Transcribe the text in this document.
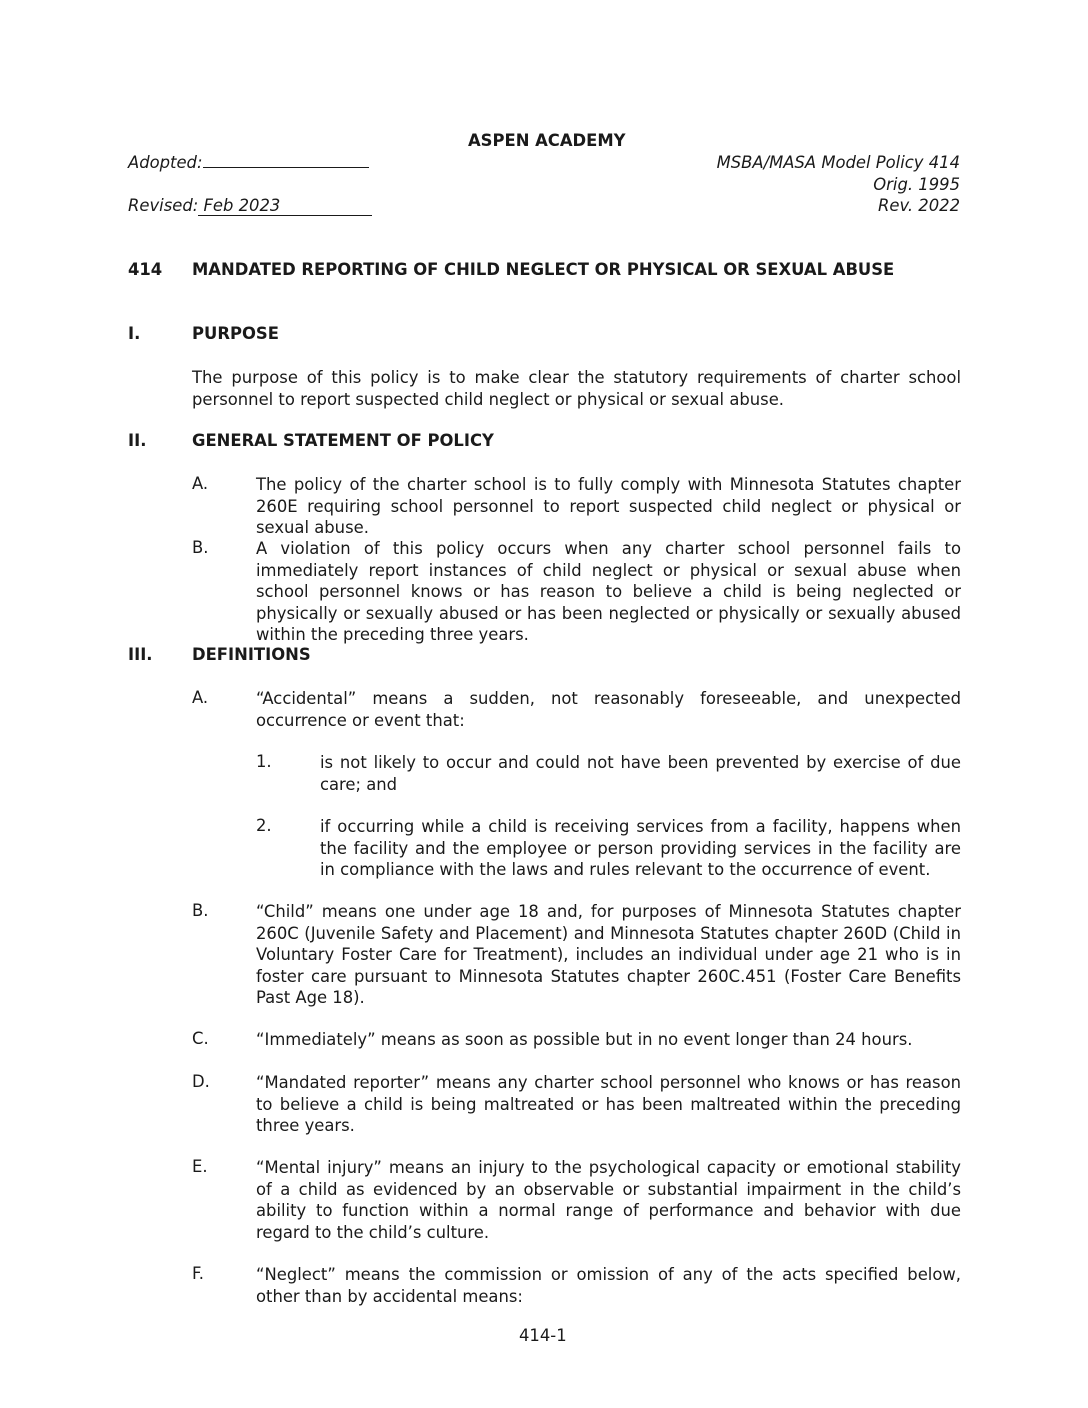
ASPEN ACADEMY
Adopted:
Revised: Feb 2023
MSBA/MASA Model Policy 414
Orig. 1995
Rev. 2022
414 MANDATED REPORTING OF CHILD NEGLECT OR PHYSICAL OR SEXUAL ABUSE
I.	PURPOSE
The purpose of this policy is to make clear the statutory requirements of charter school personnel to report suspected child neglect or physical or sexual abuse.
II.	GENERAL STATEMENT OF POLICY
A.	The policy of the charter school is to fully comply with Minnesota Statutes chapter 260E requiring school personnel to report suspected child neglect or physical or sexual abuse.
B.	A violation of this policy occurs when any charter school personnel fails to immediately report instances of child neglect or physical or sexual abuse when school personnel knows or has reason to believe a child is being neglected or physically or sexually abused or has been neglected or physically or sexually abused within the preceding three years.
III. DEFINITIONS
A.	“Accidental” means a sudden, not reasonably foreseeable, and unexpected occurrence or event that:
1.	is not likely to occur and could not have been prevented by exercise of due care; and
2.	if occurring while a child is receiving services from a facility, happens when the facility and the employee or person providing services in the facility are in compliance with the laws and rules relevant to the occurrence of event.
B.	“Child” means one under age 18 and, for purposes of Minnesota Statutes chapter 260C (Juvenile Safety and Placement) and Minnesota Statutes chapter 260D (Child in Voluntary Foster Care for Treatment), includes an individual under age 21 who is in foster care pursuant to Minnesota Statutes chapter 260C.451 (Foster Care Benefits Past Age 18).
C.	“Immediately” means as soon as possible but in no event longer than 24 hours.
D.	“Mandated reporter” means any charter school personnel who knows or has reason to believe a child is being maltreated or has been maltreated within the preceding three years.
E.	“Mental injury” means an injury to the psychological capacity or emotional stability of a child as evidenced by an observable or substantial impairment in the child’s ability to function within a normal range of performance and behavior with due regard to the child’s culture.
F.	“Neglect” means the commission or omission of any of the acts specified below, other than by accidental means:
414-1
